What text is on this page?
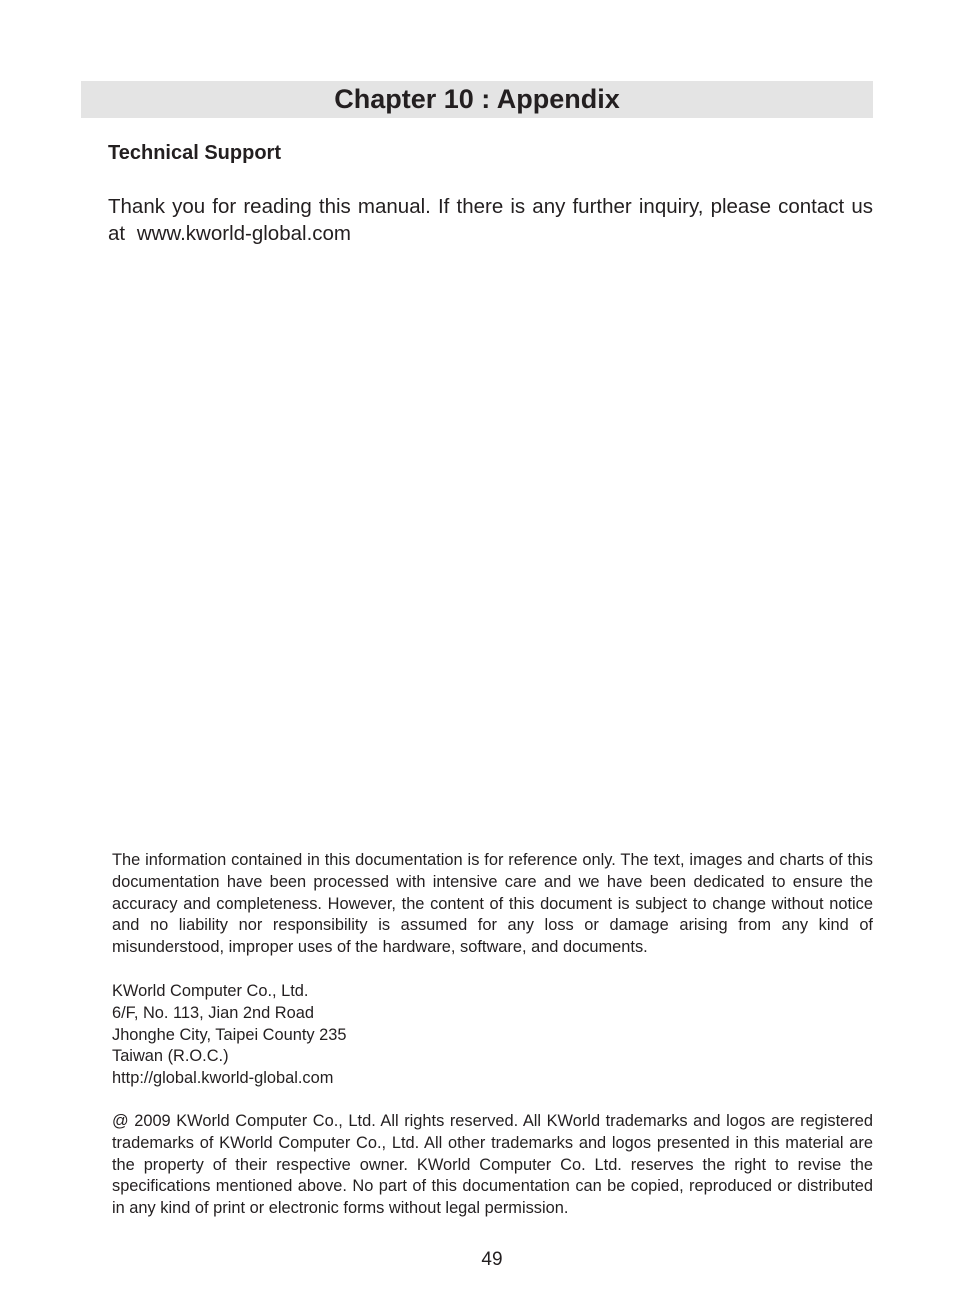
Chapter 10 : Appendix
Technical Support

Thank you for reading this manual. If there is any further inquiry, please contact us at www.kworld-global.com

The information contained in this documentation is for reference only. The text, images and charts of this documentation have been processed with intensive care and we have been dedicated to ensure the accuracy and completeness. However, the content of this document is subject to change without notice and no liability nor responsibility is assumed for any loss or damage arising from any kind of misunderstood, improper uses of the hardware, software, and documents.

KWorld Computer Co., Ltd.
6/F, No. 113, Jian 2nd Road
Jhonghe City, Taipei County 235
Taiwan (R.O.C.)
http://global.kworld-global.com

@ 2009 KWorld Computer Co., Ltd. All rights reserved. All KWorld trademarks and logos are registered trademarks of KWorld Computer Co., Ltd. All other trademarks and logos presented in this material are the property of their respective owner. KWorld Computer Co. Ltd. reserves the right to revise the specifications mentioned above. No part of this documentation can be copied, reproduced or distributed in any kind of print or electronic forms without legal permission.

49
